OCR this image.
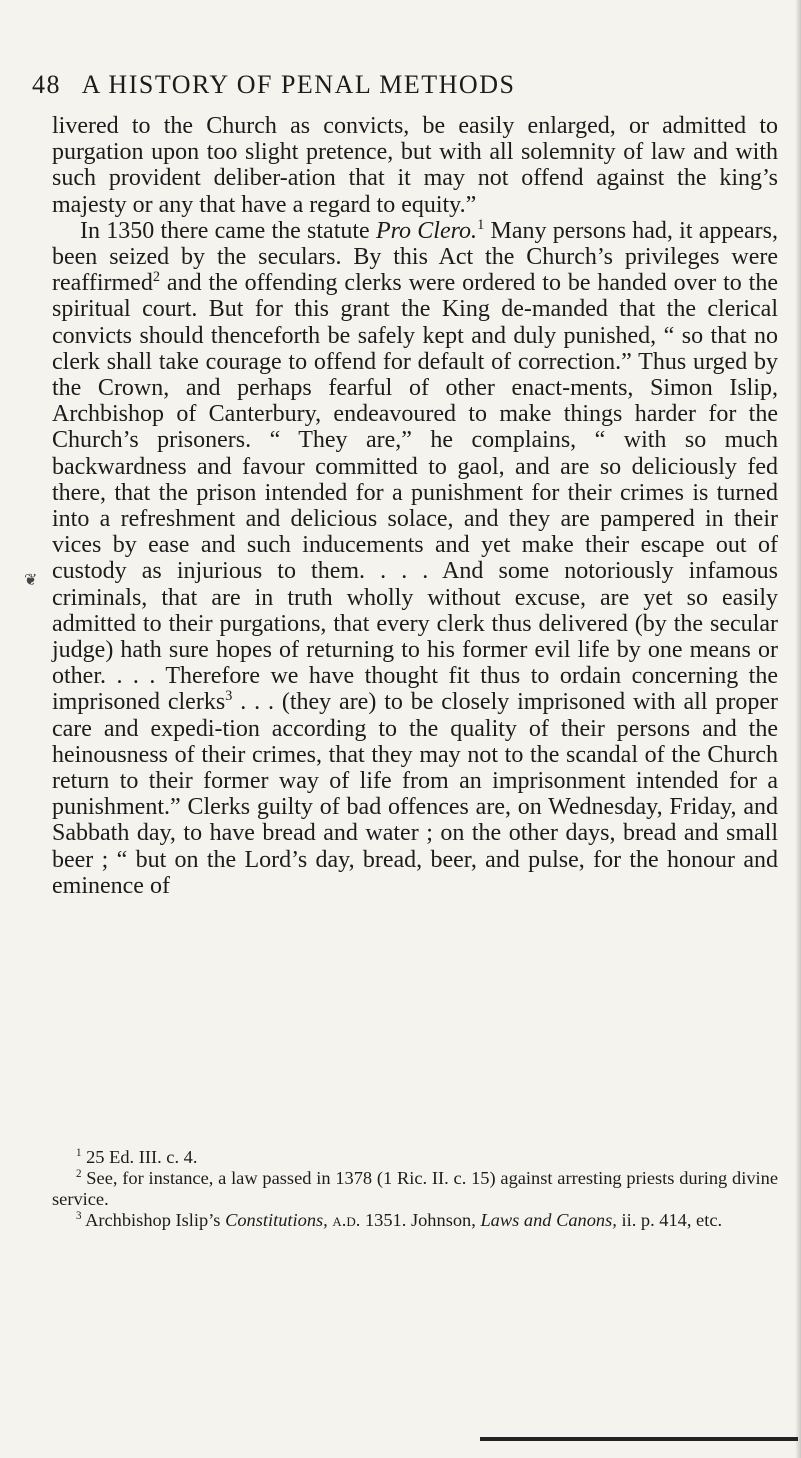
48 A HISTORY OF PENAL METHODS
❦

livered to the Church as convicts, be easily enlarged, or admitted to purgation upon too slight pretence, but with all solemnity of law and with such provident deliber-ation that it may not offend against the king’s majesty or any that have a regard to equity.”

In 1350 there came the statute Pro Clero.$^1$ Many persons had, it appears, been seized by the seculars. By this Act the Church’s privileges were reaffirmed$^2$ and the offending clerks were ordered to be handed over to the spiritual court. But for this grant the King de-manded that the clerical convicts should thenceforth be safely kept and duly punished, “ so that no clerk shall take courage to offend for default of correction.” Thus urged by the Crown, and perhaps fearful of other enact-ments, Simon Islip, Archbishop of Canterbury, endeavoured to make things harder for the Church’s prisoners. “ They are,” he complains, “ with so much backwardness and favour committed to gaol, and are so deliciously fed there, that the prison intended for a punishment for their crimes is turned into a refreshment and delicious solace, and they are pampered in their vices by ease and such inducements and yet make their escape out of custody as injurious to them. . . . And some notoriously infamous criminals, that are in truth wholly without excuse, are yet so easily admitted to their purgations, that every clerk thus delivered (by the secular judge) hath sure hopes of returning to his former evil life by one means or other. . . . Therefore we have thought fit thus to ordain concerning the imprisoned clerks$^3$ . . . (they are) to be closely imprisoned with all proper care and expedi-tion according to the quality of their persons and the heinousness of their crimes, that they may not to the scandal of the Church return to their former way of life from an imprisonment intended for a punishment.” Clerks guilty of bad offences are, on Wednesday, Friday, and Sabbath day, to have bread and water ; on the other days, bread and small beer ; “ but on the Lord’s day, bread, beer, and pulse, for the honour and eminence of

$^1$ 25 Ed. III. c. 4.

$^2$ See, for instance, a law passed in 1378 (1 Ric. II. c. 15) against arresting priests during divine service.

$^3$ Archbishop Islip’s Constitutions, a.d. 1351. Johnson, Laws and Canons, ii. p. 414, etc.
